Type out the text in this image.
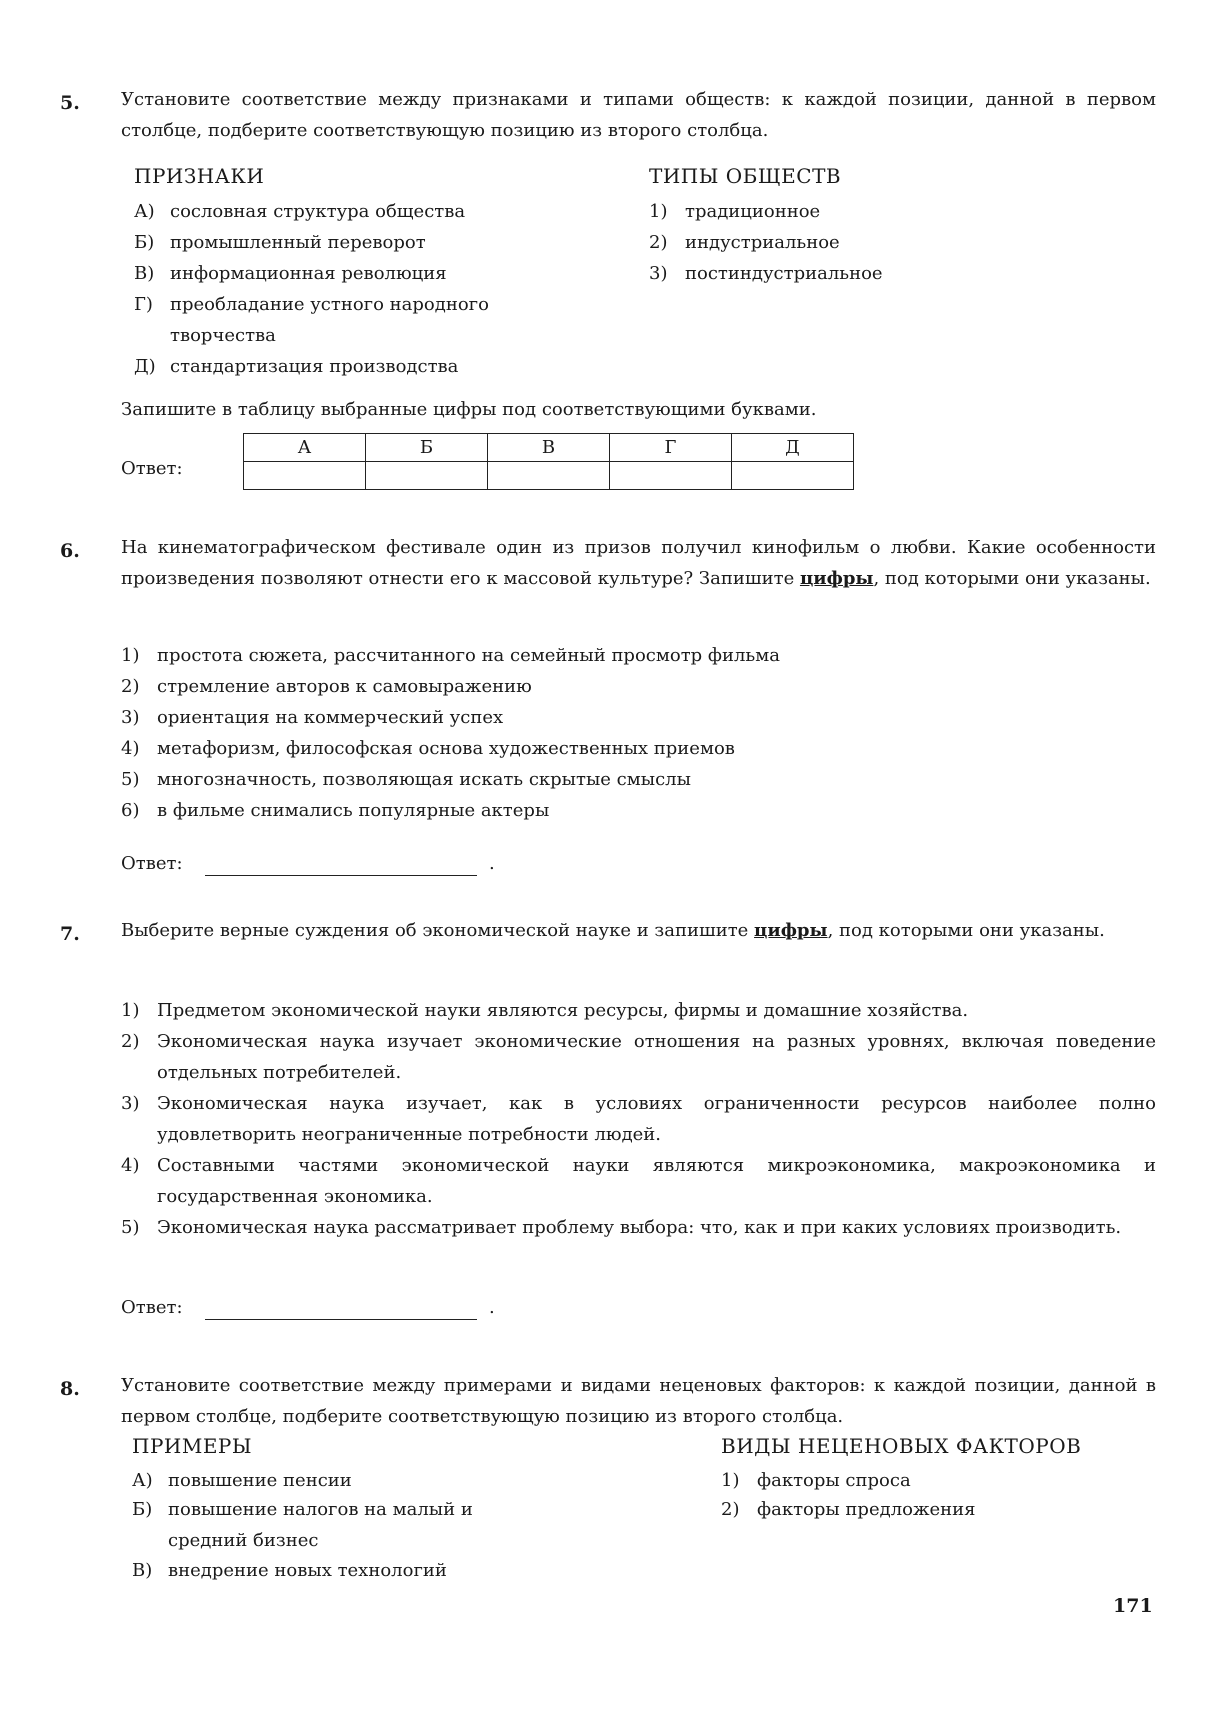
5. Установите соответствие между признаками и типами обществ: к каждой позиции, данной в первом столбце, подберите соответствующую позицию из второго столбца.
ПРИЗНАКИ	ТИПЫ ОБЩЕСТВ
А) сословная структура общества
Б) промышленный переворот
В) информационная революция
Г) преобладание устного народного
творчества
Д) стандартизация производства
1) традиционное
2) индустриальное
3) постиндустриальное
Запишите в таблицу выбранные цифры под соответствующими буквами.
Ответ:
А	Б	В	Г	Д

6. На кинематографическом фестивале один из призов получил кинофильм о любви. Какие особенности произведения позволяют отнести его к массовой культуре? Запишите цифры, под которыми они указаны.
1) простота сюжета, рассчитанного на семейный просмотр фильма
2) стремление авторов к самовыражению
3) ориентация на коммерческий успех
4) метафоризм, философская основа художественных приемов
5) многозначность, позволяющая искать скрытые смыслы
6) в фильме снимались популярные актеры
Ответ:	.
7. Выберите верные суждения об экономической науке и запишите цифры, под которыми они указаны.
1) Предметом экономической науки являются ресурсы, фирмы и домашние хозяйства.
2) Экономическая наука изучает экономические отношения на разных уровнях, включая поведение отдельных потребителей.
3) Экономическая наука изучает, как в условиях ограниченности ресурсов наиболее полно удовлетворить неограниченные потребности людей.
4) Составными частями экономической науки являются микроэкономика, макроэкономика и государственная экономика.
5) Экономическая наука рассматривает проблему выбора: что, как и при каких условиях производить.
Ответ:	.
8. Установите соответствие между примерами и видами неценовых факторов: к каждой позиции, данной в первом столбце, подберите соответствующую позицию из второго столбца.
ПРИМЕРЫ	ВИДЫ НЕЦЕНОВЫХ ФАКТОРОВ
А) повышение пенсии
Б) повышение налогов на малый и средний бизнес
В) внедрение новых технологий
1) факторы спроса
2) факторы предложения
171
